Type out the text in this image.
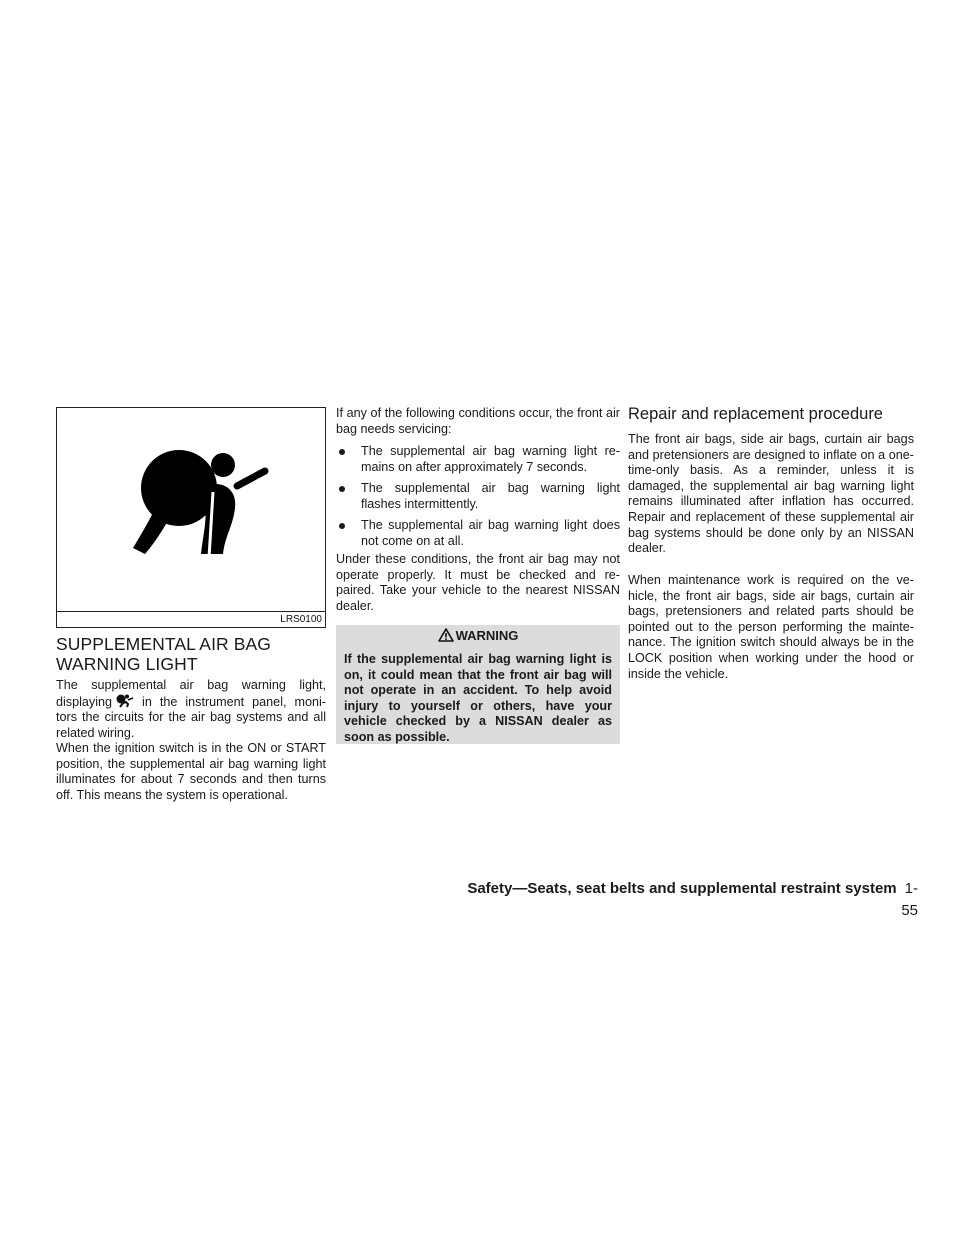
LRS0100
SUPPLEMENTAL AIR BAG WARNING LIGHT

The supplemental air bag warning light, displaying in the instrument panel, moni- tors the circuits for the air bag systems and all related wiring.

When the ignition switch is in the ON or START position, the supplemental air bag warning light illuminates for about 7 seconds and then turns off. This means the system is operational.

If any of the following conditions occur, the front air bag needs servicing:

The supplemental air bag warning light re- mains on after approximately 7 seconds.
The supplemental air bag warning light flashes intermittently.
The supplemental air bag warning light does not come on at all.

Under these conditions, the front air bag may not operate properly. It must be checked and re- paired. Take your vehicle to the nearest NISSAN dealer.

WARNING

If the supplemental air bag warning light is on, it could mean that the front air bag will not operate in an accident. To help avoid injury to yourself or others, have your vehicle checked by a NISSAN dealer as soon as possible.

Repair and replacement procedure

The front air bags, side air bags, curtain air bags and pretensioners are designed to inflate on a one-time-only basis. As a reminder, unless it is damaged, the supplemental air bag warning light remains illuminated after inflation has occurred. Repair and replacement of these supplemental air bag systems should be done only by an NISSAN dealer.

When maintenance work is required on the ve- hicle, the front air bags, side air bags, curtain air bags, pretensioners and related parts should be pointed out to the person performing the mainte- nance. The ignition switch should always be in the LOCK position when working under the hood or inside the vehicle.

Safety—Seats, seat belts and supplemental restraint system 1-55
